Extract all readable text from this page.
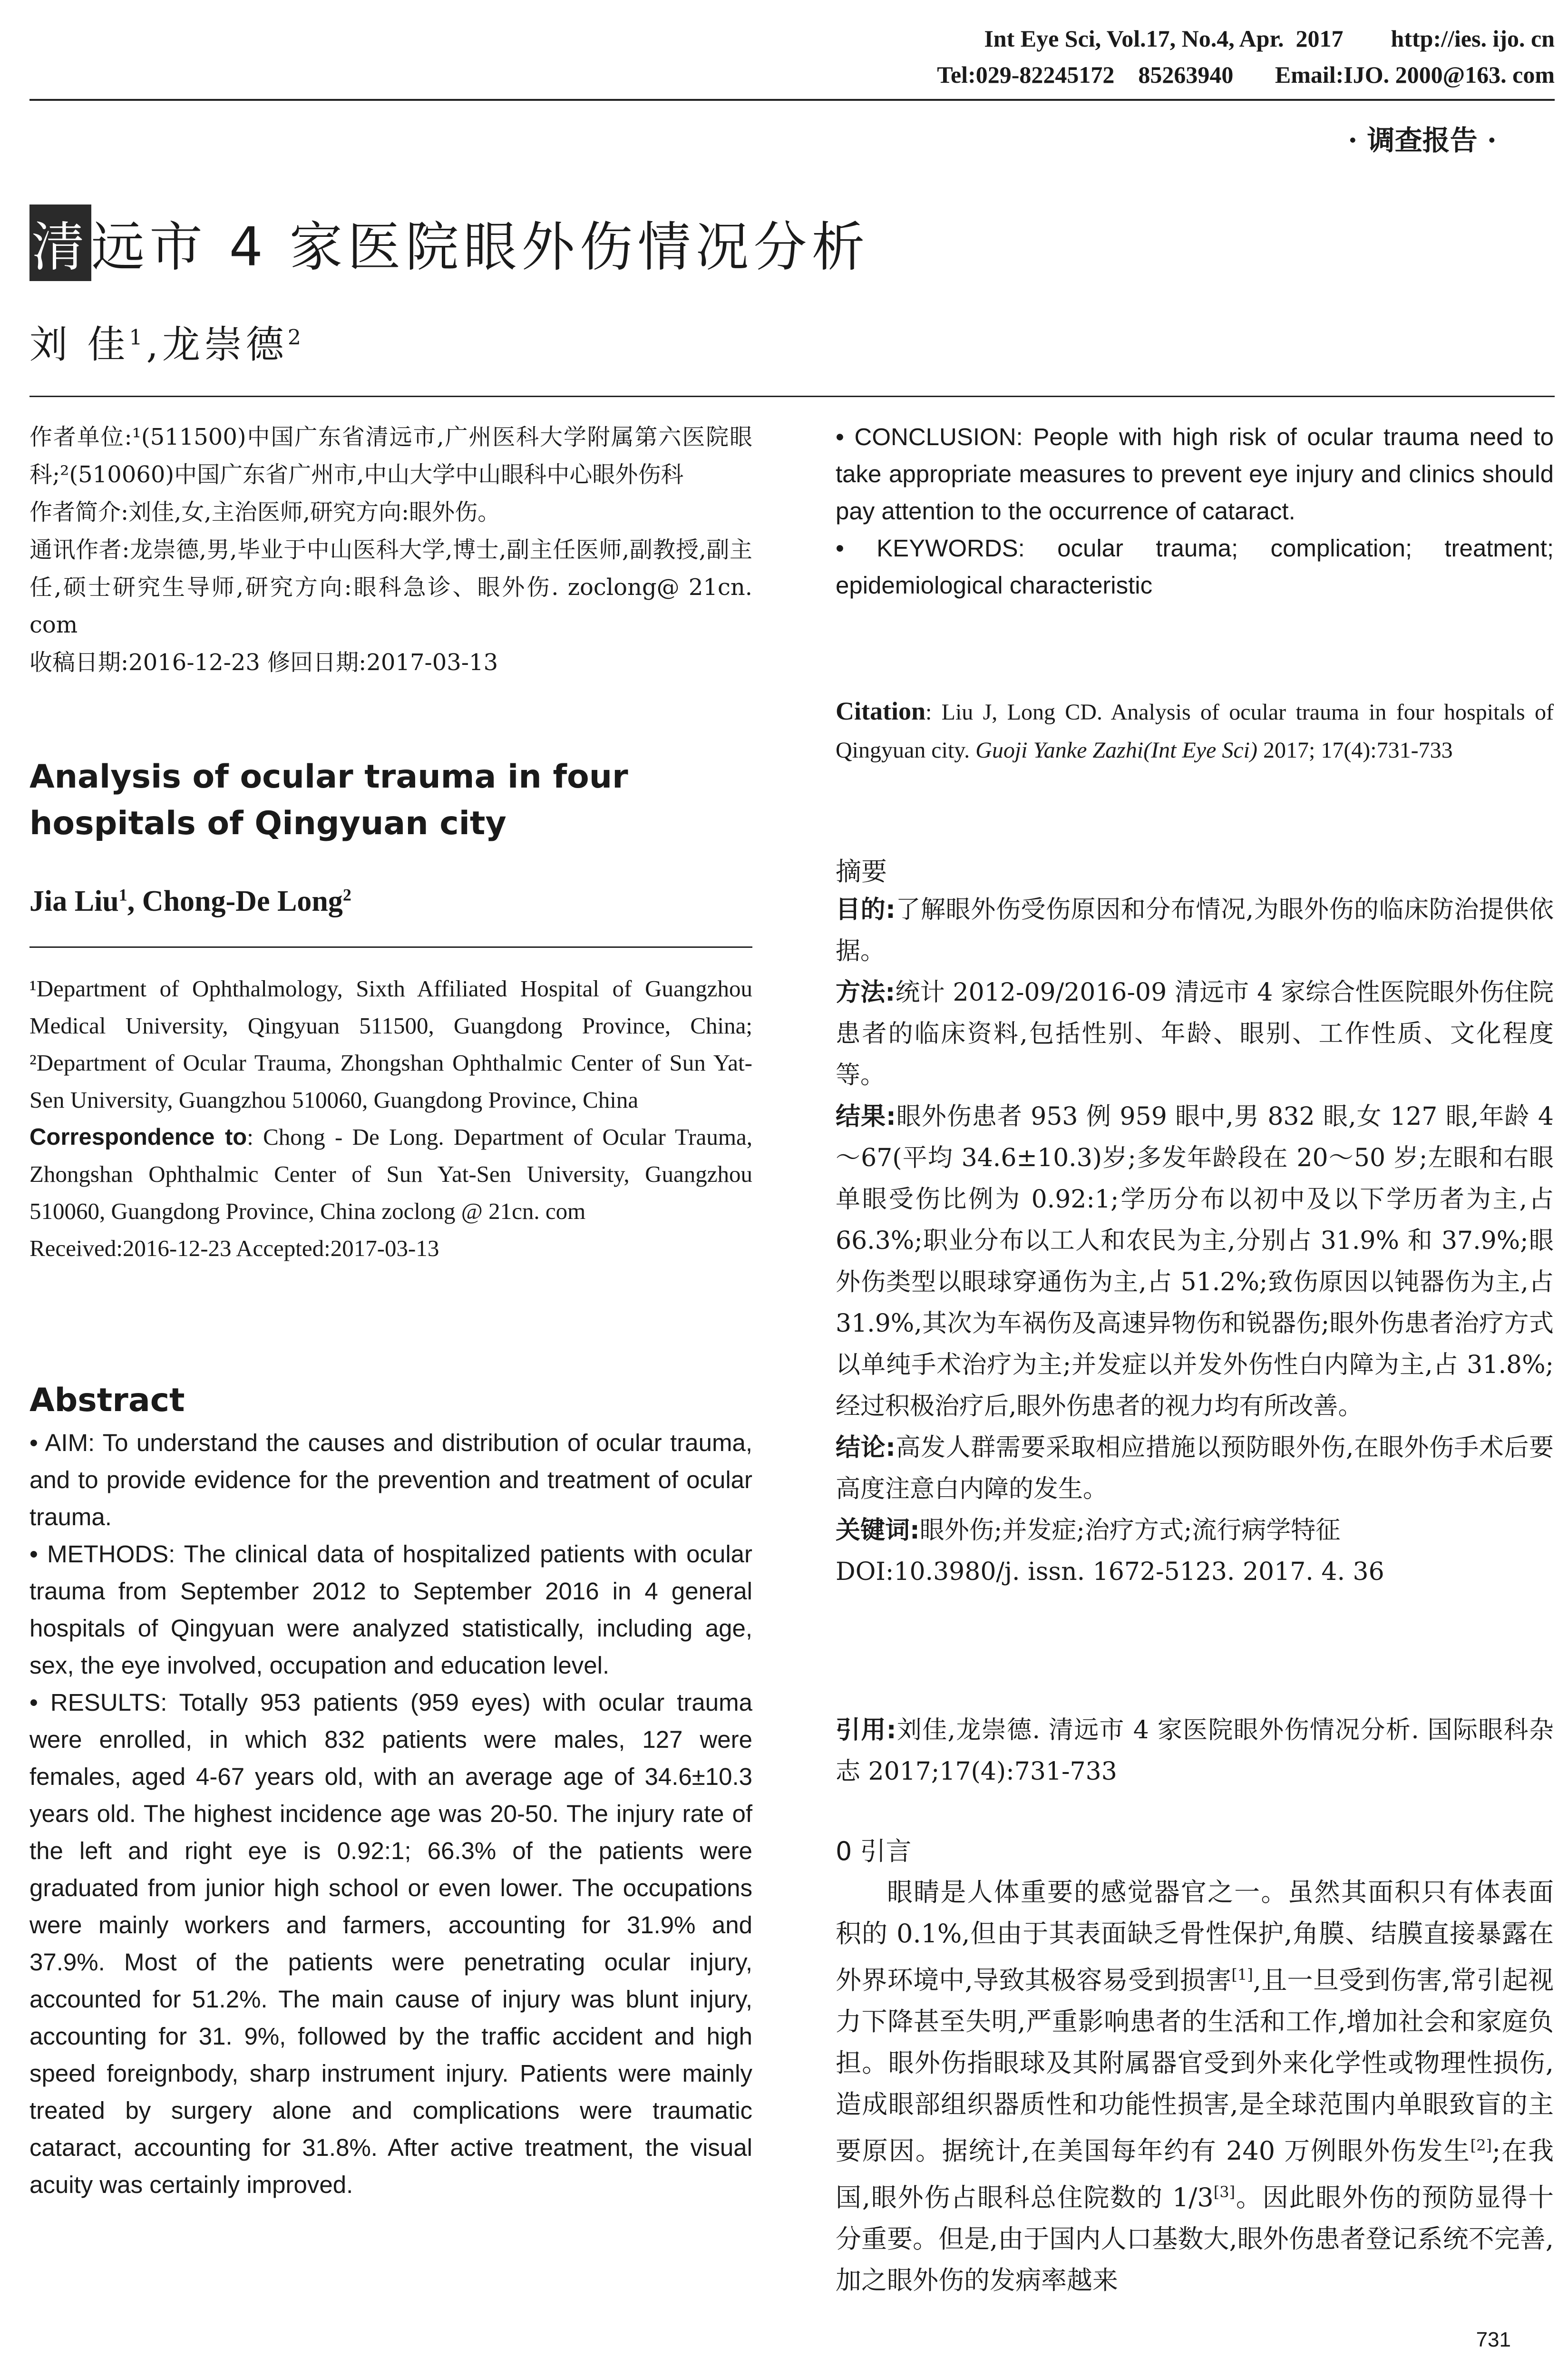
Int Eye Sci, Vol.17, No.4, Apr.  2017        http://ies. ijo. cn
Tel:029-82245172    85263940       Email:IJO. 2000@163. com
· 调查报告 ·
清 远市 4 家医院眼外伤情况分析
刘 佳$^1$,龙崇德$^2$
作者单位:¹(511500)中国广东省清远市,广州医科大学附属第六医院眼科;²(510060)中国广东省广州市,中山大学中山眼科中心眼外伤科
作者简介:刘佳,女,主治医师,研究方向:眼外伤。
通讯作者:龙崇德,男,毕业于中山医科大学,博士,副主任医师,副教授,副主任,硕士研究生导师,研究方向:眼科急诊、眼外伤. zoclong@ 21cn. com
收稿日期:2016-12-23 修回日期:2017-03-13
Analysis of ocular trauma in four hospitals of Qingyuan city
Jia Liu$^1$, Chong-De Long$^2$
¹Department of Ophthalmology, Sixth Affiliated Hospital of Guangzhou Medical University, Qingyuan 511500, Guangdong Province, China; ²Department of Ocular Trauma, Zhongshan Ophthalmic Center of Sun Yat-Sen University, Guangzhou 510060, Guangdong Province, China
Correspondence to: Chong - De Long. Department of Ocular Trauma, Zhongshan Ophthalmic Center of Sun Yat-Sen University, Guangzhou 510060, Guangdong Province, China zoclong @ 21cn. com
Received:2016-12-23 Accepted:2017-03-13
Abstract

• AIM: To understand the causes and distribution of ocular trauma, and to provide evidence for the prevention and treatment of ocular trauma.

• METHODS: The clinical data of hospitalized patients with ocular trauma from September 2012 to September 2016 in 4 general hospitals of Qingyuan were analyzed statistically, including age, sex, the eye involved, occupation and education level.

• RESULTS: Totally 953 patients (959 eyes) with ocular trauma were enrolled, in which 832 patients were males, 127 were females, aged 4-67 years old, with an average age of 34.6±10.3 years old. The highest incidence age was 20-50. The injury rate of the left and right eye is 0.92:1; 66.3% of the patients were graduated from junior high school or even lower. The occupations were mainly workers and farmers, accounting for 31.9% and 37.9%. Most of the patients were penetrating ocular injury, accounted for 51.2%. The main cause of injury was blunt injury, accounting for 31. 9%, followed by the traffic accident and high speed foreignbody, sharp instrument injury. Patients were mainly treated by surgery alone and complications were traumatic cataract, accounting for 31.8%. After active treatment, the visual acuity was certainly improved.

• CONCLUSION: People with high risk of ocular trauma need to take appropriate measures to prevent eye injury and clinics should pay attention to the occurrence of cataract.

• KEYWORDS: ocular trauma; complication; treatment; epidemiological characteristic

Citation: Liu J, Long CD. Analysis of ocular trauma in four hospitals of Qingyuan city. Guoji Yanke Zazhi(Int Eye Sci) 2017; 17(4):731-733
摘要

目的:了解眼外伤受伤原因和分布情况,为眼外伤的临床防治提供依据。

方法:统计 2012-09/2016-09 清远市 4 家综合性医院眼外伤住院患者的临床资料,包括性别、年龄、眼别、工作性质、文化程度等。

结果:眼外伤患者 953 例 959 眼中,男 832 眼,女 127 眼,年龄 4～67(平均 34.6±10.3)岁;多发年龄段在 20～50 岁;左眼和右眼单眼受伤比例为 0.92:1;学历分布以初中及以下学历者为主,占66.3%;职业分布以工人和农民为主,分别占 31.9% 和 37.9%;眼外伤类型以眼球穿通伤为主,占 51.2%;致伤原因以钝器伤为主,占 31.9%,其次为车祸伤及高速异物伤和锐器伤;眼外伤患者治疗方式以单纯手术治疗为主;并发症以并发外伤性白内障为主,占 31.8%;经过积极治疗后,眼外伤患者的视力均有所改善。

结论:高发人群需要采取相应措施以预防眼外伤,在眼外伤手术后要高度注意白内障的发生。

关键词:眼外伤;并发症;治疗方式;流行病学特征

DOI:10.3980/j. issn. 1672-5123. 2017. 4. 36

引用:刘佳,龙崇德. 清远市 4 家医院眼外伤情况分析. 国际眼科杂志 2017;17(4):731-733
0 引言
眼睛是人体重要的感觉器官之一。虽然其面积只有体表面积的 0.1%,但由于其表面缺乏骨性保护,角膜、结膜直接暴露在外界环境中,导致其极容易受到损害[1],且一旦受到伤害,常引起视力下降甚至失明,严重影响患者的生活和工作,增加社会和家庭负担。眼外伤指眼球及其附属器官受到外来化学性或物理性损伤,造成眼部组织器质性和功能性损害,是全球范围内单眼致盲的主要原因。据统计,在美国每年约有 240 万例眼外伤发生[2];在我国,眼外伤占眼科总住院数的 1/3[3]。因此眼外伤的预防显得十分重要。但是,由于国内人口基数大,眼外伤患者登记系统不完善,加之眼外伤的发病率越来
731
